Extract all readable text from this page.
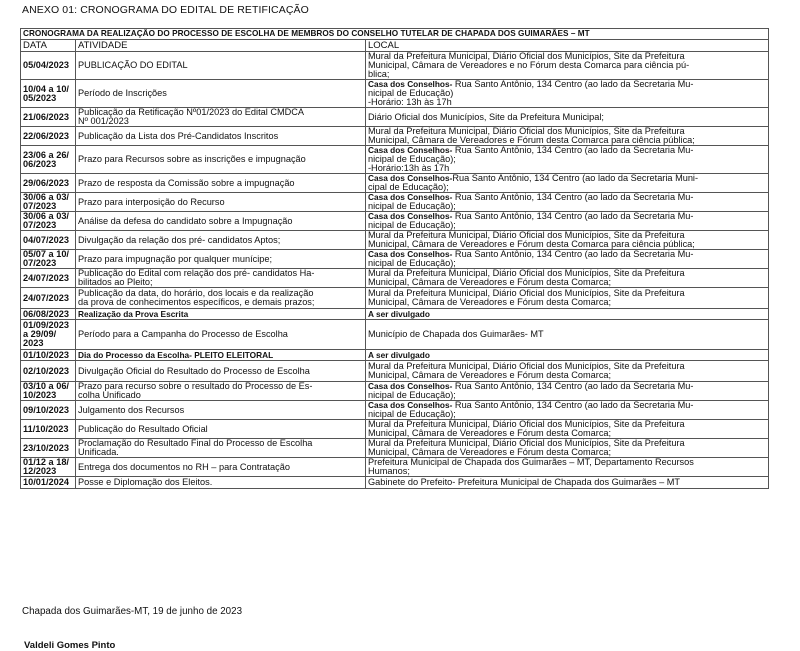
ANEXO 01: CRONOGRAMA DO EDITAL DE RETIFICAÇÃO
CRONOGRAMA DA REALIZAÇÃO DO PROCESSO DE ESCOLHA DE MEMBROS DO CONSELHO TUTELAR DE CHAPADA DOS GUIMARÃES – MT		
DATA	ATIVIDADE	LOCAL

05/04/2023	PUBLICAÇÃO DO EDITAL	Mural da Prefeitura Municipal, Diário Oficial dos Municípios, Site da Prefeitura
Municipal, Câmara de Vereadores e no Fórum desta Comarca para ciência pú-
blica;

10/04 a 10/
05/2023	Período de Inscrições	Casa dos Conselhos- Rua Santo Antônio, 134 Centro (ao lado da Secretaria Mu-
nicipal de Educação)
-Horário: 13h às 17h

21/06/2023	Publicação da Retificação Nº01/2023 do Edital CMDCA
Nº 001/2023	Diário Oficial dos Municípios, Site da Prefeitura Municipal;

22/06/2023	Publicação da Lista dos Pré-Candidatos Inscritos	Mural da Prefeitura Municipal, Diário Oficial dos Municípios, Site da Prefeitura
Municipal, Câmara de Vereadores e Fórum desta Comarca para ciência pública;

23/06 a 26/
06/2023	Prazo para Recursos sobre as inscrições e impugnação	Casa dos Conselhos- Rua Santo Antônio, 134 Centro (ao lado da Secretaria Mu-
nicipal de Educação);
-Horário:13h às 17h

29/06/2023	Prazo de resposta da Comissão sobre a impugnação	Casa dos Conselhos-Rua Santo Antônio, 134 Centro (ao lado da Secretaria Muni-
cipal de Educação);

30/06 a 03/
07/2023	Prazo para interposição do Recurso	Casa dos Conselhos- Rua Santo Antônio, 134 Centro (ao lado da Secretaria Mu-
nicipal de Educação);

30/06 a 03/
07/2023	Análise da defesa do candidato sobre a Impugnação	Casa dos Conselhos- Rua Santo Antônio, 134 Centro (ao lado da Secretaria Mu-
nicipal de Educação);

04/07/2023	Divulgação da relação dos pré- candidatos Aptos;	Mural da Prefeitura Municipal, Diário Oficial dos Municípios, Site da Prefeitura
Municipal, Câmara de Vereadores e Fórum desta Comarca para ciência pública;

05/07 a 10/
07/2023	Prazo para impugnação por qualquer munícipe;	Casa dos Conselhos- Rua Santo Antônio, 134 Centro (ao lado da Secretaria Mu-
nicipal de Educação);

24/07/2023	Publicação do Edital com relação dos pré- candidatos Ha-
bilitados ao Pleito;	Mural da Prefeitura Municipal, Diário Oficial dos Municípios, Site da Prefeitura
Municipal, Câmara de Vereadores e Fórum desta Comarca;

24/07/2023	Publicação da data, do horário, dos locais e da realização
da prova de conhecimentos específicos, e demais prazos;	Mural da Prefeitura Municipal, Diário Oficial dos Municípios, Site da Prefeitura
Municipal, Câmara de Vereadores e Fórum desta Comarca;

06/08/2023	Realização da Prova Escrita	A ser divulgado

01/09/2023
a 29/09/
2023	Período para a Campanha do Processo de Escolha	Município de Chapada dos Guimarães- MT

01/10/2023	Dia do Processo da Escolha- PLEITO ELEITORAL	A ser divulgado

02/10/2023	Divulgação Oficial do Resultado do Processo de Escolha	Mural da Prefeitura Municipal, Diário Oficial dos Municípios, Site da Prefeitura
Municipal, Câmara de Vereadores e Fórum desta Comarca;

03/10 a 06/
10/2023	Prazo para recurso sobre o resultado do Processo de Es-
colha Unificado	Casa dos Conselhos- Rua Santo Antônio, 134 Centro (ao lado da Secretaria Mu-
nicipal de Educação);

09/10/2023	Julgamento dos Recursos	Casa dos Conselhos- Rua Santo Antônio, 134 Centro (ao lado da Secretaria Mu-
nicipal de Educação);

11/10/2023	Publicação do Resultado Oficial	Mural da Prefeitura Municipal, Diário Oficial dos Municípios, Site da Prefeitura
Municipal, Câmara de Vereadores e Fórum desta Comarca;

23/10/2023	Proclamação do Resultado Final do Processo de Escolha
Unificada.	Mural da Prefeitura Municipal, Diário Oficial dos Municípios, Site da Prefeitura
Municipal, Câmara de Vereadores e Fórum desta Comarca;

01/12 a 18/
12/2023	Entrega dos documentos no RH – para Contratação	Prefeitura Municipal de Chapada dos Guimarães – MT, Departamento Recursos
Humanos;

10/01/2024	Posse e Diplomação dos Eleitos.	Gabinete do Prefeito- Prefeitura Municipal de Chapada dos Guimarães – MT
Chapada dos Guimarães-MT, 19 de junho de 2023
Valdeli Gomes Pinto
